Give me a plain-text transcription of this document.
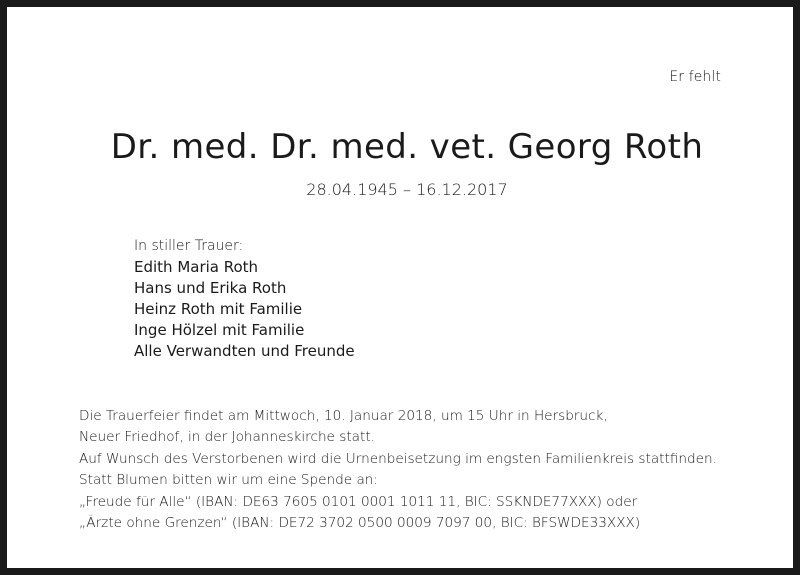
Er fehlt
Dr. med. Dr. med. vet. Georg Roth
28.04.1945 – 16.12.2017
In stiller Trauer:
Edith Maria Roth
Hans und Erika Roth
Heinz Roth mit Familie
Inge Hölzel mit Familie
Alle Verwandten und Freunde
Die Trauerfeier findet am Mittwoch, 10. Januar 2018, um 15 Uhr in Hersbruck,
Neuer Friedhof, in der Johanneskirche statt.
Auf Wunsch des Verstorbenen wird die Urnenbeisetzung im engsten Familienkreis stattfinden.
Statt Blumen bitten wir um eine Spende an:
„Freude für Alle“ (IBAN: DE63 7605 0101 0001 1011 11, BIC: SSKNDE77XXX) oder
„Ärzte ohne Grenzen“ (IBAN: DE72 3702 0500 0009 7097 00, BIC: BFSWDE33XXX)
